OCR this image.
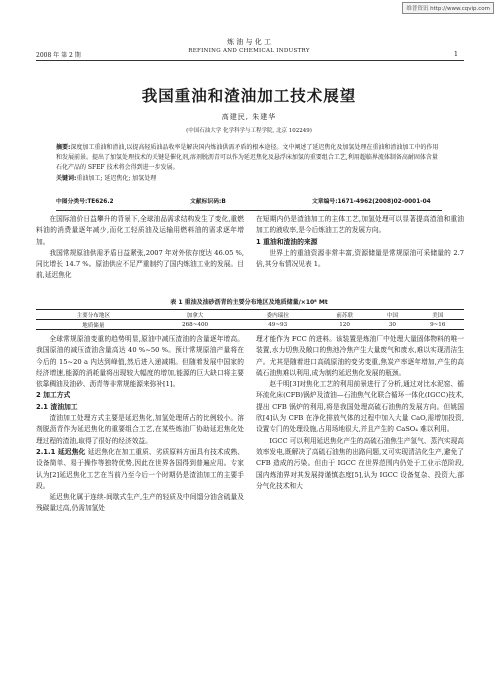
维普资讯 http://www.cqvip.com
2008 年 第 2 期
炼 油 与 化 工
REFINING AND CHEMICAL INDUSTRY	1
我国重油和渣油加工技术展望
高建民, 朱建华
(中国石油大学 化学科学与工程学院, 北京 102249)
摘要:深度加工重油和渣油,以提高轻质油品收率是解决国内炼油供需矛盾的根本途径。文中阐述了延迟焦化及加氢处理在重油和渣油加工中的作用和发展前景。提出了加氢处理技术的关键是催化剂,溶剂脱沥青可以作为延迟焦化及悬浮床加氢的重要组合工艺,利用超临界流体制备高耐固体含量石化产品的 SFEF 技术将会得到进一步发展。
关键词:重油加工; 延迟焦化; 加氢处理
中图分类号:TE626.2	文献标识码:B	文章编号:1671-4962(2008)02-0001-04

在国际油价日益攀升的背景下,全球油品需求结构发生了变化,重燃料油的消费量逐年减少,而化工轻质油及运输用燃料油的需求逐年增加。

我国常规原油供需矛盾日益紧张,2007 年对外依存度达 46.05 %,同比增长 14.7 %。原油供应不足严重制约了国内炼油工业的发展。目前,延迟焦化

在短期内仍是渣油加工的主体工艺,加氢处理可以显著提高渣油和重油加工的液收率,是今后炼油工艺的发展方向。

1 重油和渣油的来源

世界上的重油资源非常丰富,资源储量是常规原油可采储量的 2.7 倍,其分布情况见表 1。

表 1 重油及油砂沥青的主要分布地区及地质储量/×10⁸ Mt
主要分布地区	加拿大	委内瑞拉	前苏联	中国	美国
地质储量	268~400	49~93	120	30	9~16

全球常规原油变重的趋势明显,原油中减压渣油的含量逐年增高。我国原油的减压渣油含量高达 40 %~50 %。预计常规原油产量将在今后的 15~20 a 内达到峰值,然后进入递减期。但随着发展中国家的经济增速,能源的消耗量将出现较大幅度的增加,能源的巨大缺口将主要依靠稠油及油砂、沥青等非常规能源来弥补[1]。

2 加工方式
2.1 渣油加工

渣油加工处理方式主要是延迟焦化,加氢处理所占的比例较小。溶剂脱沥青作为延迟焦化的重要组合工艺,在某些炼油厂协助延迟焦化处理过程的渣油,取得了很好的经济效益。

2.1.1 延迟焦化 延迟焦化在加工重质、劣质原料方面具有技术成熟、设备简单、易于操作等独特优势,因此在世界各国得到普遍应用。专家认为[2]延迟焦化工艺在当前乃至今后一个时期仍是渣油加工的主要手段。

延迟焦化属于连续-间歇式生产,生产的轻质及中间馏分油含硫量及残碳量过高,仍需加氢处

理才能作为 FCC 的进料。该装置是炼油厂中处理大量固体物料的唯一装置,水力切焦及敞口的焦池冷焦产生大量废气和废水,难以实现清洁生产。尤其是随着进口高硫原油的变劣变重,焦炭产率逐年增加,产生的高硫石油焦难以利用,成为制约延迟焦化发展的瓶颈。

赵千明[3]对焦化工艺的利用前景进行了分析,通过对比水泥窑、循环流化床(CFB)锅炉及渣油—石油焦气化联合循环一体化(IGCC)技术,提出 CFB 锅炉的利用,将是我国处理高硫石油焦的发展方向。但姚国欣[4]认为 CFB 在净化排放气体的过程中加入大量 CaO,需增加投资,设置专门的处理设施,占用场地很大,并且产生的 CaSO₄ 难以利用。

IGCC 可以利用延迟焦化产生的高硫石油焦生产氢气、蒸汽实现高效率发电,既解决了高硫石油焦的出路问题,又可实现清洁化生产,避免了 CFB 造成的污染。但由于 IGCC 在世界范围内仍处于工业示范阶段,国内炼油界对其发展持谨慎态度[5],认为 IGCC 设备复杂、投资大,部分气化技术和大
